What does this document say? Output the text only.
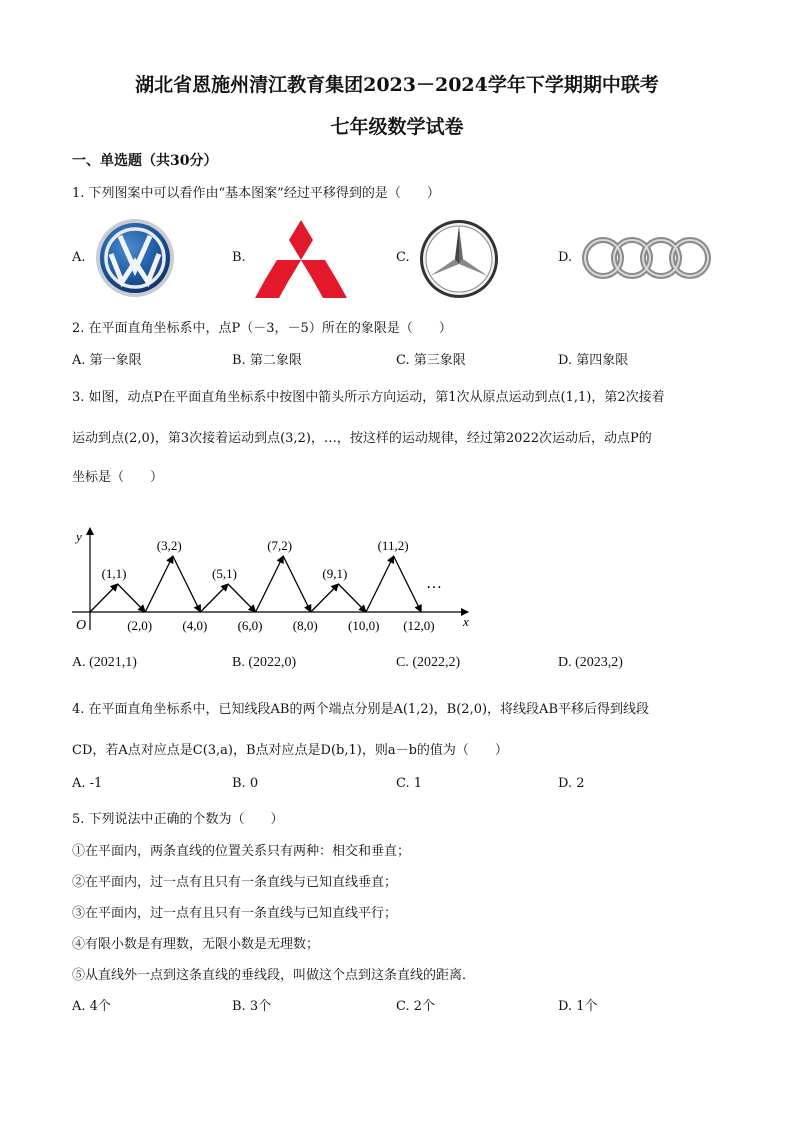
湖北省恩施州清江教育集团2023－2024学年下学期期中联考
七年级数学试卷
一、单选题（共30分）
1. 下列图案中可以看作由“基本图案”经过平移得到的是（　　）
A.	B.	C.	D.
2. 在平面直角坐标系中，点P（－3，－5）所在的象限是（　　）
A. 第一象限	B. 第二象限	C. 第三象限	D. 第四象限
3. 如图，动点P在平面直角坐标系中按图中箭头所示方向运动，第1次从原点运动到点(1,1)，第2次接着
运动到点(2,0)，第3次接着运动到点(3,2)，…，按这样的运动规律，经过第2022次运动后，动点P的
坐标是（　　）
x
y
O
(1,1)
(3,2)
(5,1)
(7,2)
(9,1)
(11,2)
(2,0) (4,0) (6,0) (8,0) (10,0) (12,0)
…
A. (2021,1)	B. (2022,0)	C. (2022,2)	D. (2023,2)
4. 在平面直角坐标系中，已知线段AB的两个端点分别是A(1,2)，B(2,0)，将线段AB平移后得到线段
CD，若A点对应点是C(3,a)，B点对应点是D(b,1)，则a－b的值为（　　）
A. -1	B. 0	C. 1	D. 2
5. 下列说法中正确的个数为（　　）
①在平面内，两条直线的位置关系只有两种：相交和垂直；
②在平面内，过一点有且只有一条直线与已知直线垂直；
③在平面内，过一点有且只有一条直线与已知直线平行；
④有限小数是有理数，无限小数是无理数；
⑤从直线外一点到这条直线的垂线段，叫做这个点到这条直线的距离．
A. 4个	B. 3个	C. 2个	D. 1个
